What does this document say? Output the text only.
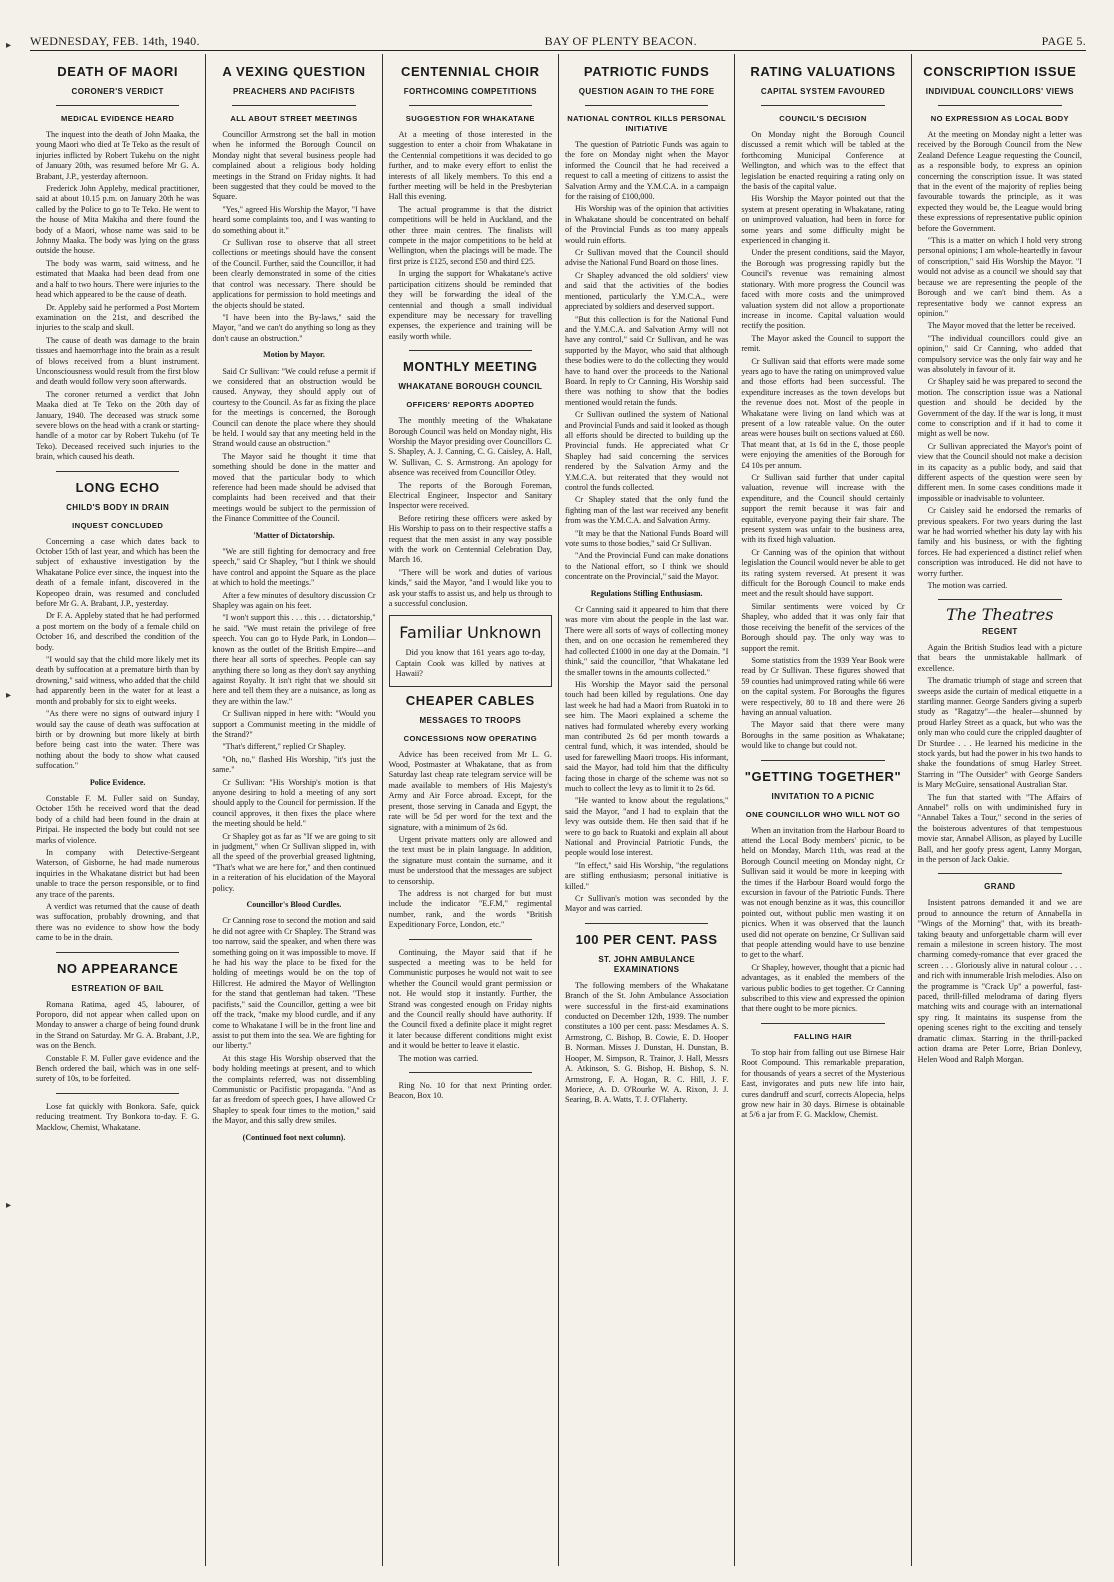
▸
▸
▸
WEDNESDAY, FEB. 14th, 1940.	BAY OF PLENTY BEACON.	PAGE 5.
DEATH OF MAORI
CORONER'S VERDICT
MEDICAL EVIDENCE HEARD

The inquest into the death of John Maaka, the young Maori who died at Te Teko as the result of injuries inflicted by Robert Tukehu on the night of January 20th, was resumed before Mr G. A. Brabant, J.P., yesterday afternoon.

Frederick John Appleby, medical practitioner, said at about 10.15 p.m. on January 20th he was called by the Police to go to Te Teko. He went to the house of Mita Makiha and there found the body of a Maori, whose name was said to be Johnny Maaka. The body was lying on the grass outside the house.

The body was warm, said witness, and he estimated that Maaka had been dead from one and a half to two hours. There were injuries to the head which appeared to be the cause of death.

Dr. Appleby said he performed a Post Mortem examination on the 21st, and described the injuries to the scalp and skull.

The cause of death was damage to the brain tissues and haemorrhage into the brain as a result of blows received from a blunt instrument. Unconsciousness would result from the first blow and death would follow very soon afterwards.

The coroner returned a verdict that John Maaka died at Te Teko on the 20th day of January, 1940. The deceased was struck some severe blows on the head with a crank or starting-handle of a motor car by Robert Tukehu (of Te Teko). Deceased received such injuries to the brain, which caused his death.

LONG ECHO
CHILD'S BODY IN DRAIN
INQUEST CONCLUDED

Concerning a case which dates back to October 15th of last year, and which has been the subject of exhaustive investigation by the Whakatane Police ever since, the inquest into the death of a female infant, discovered in the Kopeopeo drain, was resumed and concluded before Mr G. A. Brabant, J.P., yesterday.

Dr F. A. Appleby stated that he had performed a post mortem on the body of a female child on October 16, and described the condition of the body.

"I would say that the child more likely met its death by suffocation at a premature birth than by drowning," said witness, who added that the child had apparently been in the water for at least a month and probably for six to eight weeks.

"As there were no signs of outward injury I would say the cause of death was suffocation at birth or by drowning but more likely at birth before being cast into the water. There was nothing about the body to show what caused suffocation."

Police Evidence.

Constable F. M. Fuller said on Sunday, October 15th he received word that the dead body of a child had been found in the drain at Piripai. He inspected the body but could not see marks of violence.

In company with Detective-Sergeant Waterson, of Gisborne, he had made numerous inquiries in the Whakatane district but had been unable to trace the person responsible, or to find any trace of the parents.

A verdict was returned that the cause of death was suffocation, probably drowning, and that there was no evidence to show how the body came to be in the drain.

NO APPEARANCE
ESTREATION OF BAIL

Romana Ratima, aged 45, labourer, of Poroporo, did not appear when called upon on Monday to answer a charge of being found drunk in the Strand on Saturday. Mr G. A. Brabant, J.P., was on the Bench.

Constable F. M. Fuller gave evidence and the Bench ordered the bail, which was in one self-surety of 10s, to be forfeited.

Lose fat quickly with Bonkora. Safe, quick reducing treatment. Try Bonkora to-day. F. G. Macklow, Chemist, Whakatane.

A VEXING QUESTION
PREACHERS AND PACIFISTS
ALL ABOUT STREET MEETINGS

Councillor Armstrong set the ball in motion when he informed the Borough Council on Monday night that several business people had complained about a religious body holding meetings in the Strand on Friday nights. It had been suggested that they could be moved to the Square.

"Yes," agreed His Worship the Mayor, "I have heard some complaints too, and I was wanting to do something about it."

Cr Sullivan rose to observe that all street collections or meetings should have the consent of the Council. Further, said the Councillor, it had been clearly demonstrated in some of the cities that control was necessary. There should be applications for permission to hold meetings and the objects should be stated.

"I have been into the By-laws," said the Mayor, "and we can't do anything so long as they don't cause an obstruction."

Motion by Mayor.

Said Cr Sullivan: "We could refuse a permit if we considered that an obstruction would be caused. Anyway, they should apply out of courtesy to the Council. As far as fixing the place for the meetings is concerned, the Borough Council can denote the place where they should be held. I would say that any meeting held in the Strand would cause an obstruction."

The Mayor said he thought it time that something should be done in the matter and moved that the particular body to which reference had been made should be advised that complaints had been received and that their meetings would be subject to the permission of the Finance Committee of the Council.

'Matter of Dictatorship.

"We are still fighting for democracy and free speech," said Cr Shapley, "but I think we should have control and appoint the Square as the place at which to hold the meetings."

After a few minutes of desultory discussion Cr Shapley was again on his feet.

"I won't support this . . . this . . . dictatorship," he said. "We must retain the privilege of free speech. You can go to Hyde Park, in London—known as the outlet of the British Empire—and there hear all sorts of speeches. People can say anything there so long as they don't say anything against Royalty. It isn't right that we should sit here and tell them they are a nuisance, as long as they are within the law."

Cr Sullivan nipped in here with: "Would you support a Communist meeting in the middle of the Strand?"

"That's different," replied Cr Shapley.

"Oh, no," flashed His Worship, "it's just the same."

Cr Sullivan: "His Worship's motion is that anyone desiring to hold a meeting of any sort should apply to the Council for permission. If the council approves, it then fixes the place where the meeting should be held."

Cr Shapley got as far as "If we are going to sit in judgment," when Cr Sullivan slipped in, with all the speed of the proverbial greased lightning, "That's what we are here for," and then continued in a reiteration of his elucidation of the Mayoral policy.

Councillor's Blood Curdles.

Cr Canning rose to second the motion and said he did not agree with Cr Shapley. The Strand was too narrow, said the speaker, and when there was something going on it was impossible to move. If he had his way the place to be fixed for the holding of meetings would be on the top of Hillcrest. He admired the Mayor of Wellington for the stand that gentleman had taken. "These pacifists," said the Councillor, getting a wee bit off the track, "make my blood curdle, and if any come to Whakatane I will be in the front line and assist to put them into the sea. We are fighting for our liberty."

At this stage His Worship observed that the body holding meetings at present, and to which the complaints referred, was not dissembling Communistic or Pacifistic propaganda. "And as far as freedom of speech goes, I have allowed Cr Shapley to speak four times to the motion," said the Mayor, and this sally drew smiles.

(Continued foot next column).
CENTENNIAL CHOIR
FORTHCOMING COMPETITIONS
SUGGESTION FOR WHAKATANE

At a meeting of those interested in the suggestion to enter a choir from Whakatane in the Centennial competitions it was decided to go further, and to make every effort to enlist the interests of all likely members. To this end a further meeting will be held in the Presbyterian Hall this evening.

The actual programme is that the district competitions will be held in Auckland, and the other three main centres. The finalists will compete in the major competitions to be held at Wellington, when the placings will be made. The first prize is £125, second £50 and third £25.

In urging the support for Whakatane's active participation citizens should be reminded that they will be forwarding the ideal of the centennial and though a small individual expenditure may be necessary for travelling expenses, the experience and training will be easily worth while.

MONTHLY MEETING
WHAKATANE BOROUGH COUNCIL
OFFICERS' REPORTS ADOPTED

The monthly meeting of the Whakatane Borough Council was held on Monday night, His Worship the Mayor presiding over Councillors C. S. Shapley, A. J. Canning, C. G. Caisley, A. Hall, W. Sullivan, C. S. Armstrong. An apology for absence was received from Councillor Otley.

The reports of the Borough Foreman, Electrical Engineer, Inspector and Sanitary Inspector were received.

Before retiring these officers were asked by His Worship to pass on to their respective staffs a request that the men assist in any way possible with the work on Centennial Celebration Day, March 16.

"There will be work and duties of various kinds," said the Mayor, "and I would like you to ask your staffs to assist us, and help us through to a successful conclusion.

Familiar Unknown

Did you know that 161 years ago to-day, Captain Cook was killed by natives at Hawaii?

CHEAPER CABLES
MESSAGES TO TROOPS
CONCESSIONS NOW OPERATING

Advice has been received from Mr L. G. Wood, Postmaster at Whakatane, that as from Saturday last cheap rate telegram service will be made available to members of His Majesty's Army and Air Force abroad. Except, for the present, those serving in Canada and Egypt, the rate will be 5d per word for the text and the signature, with a minimum of 2s 6d.

Urgent private matters only are allowed and the text must be in plain language. In addition, the signature must contain the surname, and it must be understood that the messages are subject to censorship.

The address is not charged for but must include the indicator "E.F.M," regimental number, rank, and the words "British Expeditionary Force, London, etc."

Continuing, the Mayor said that if he suspected a meeting was to be held for Communistic purposes he would not wait to see whether the Council would grant permission or not. He would stop it instantly. Further, the Strand was congested enough on Friday nights and the Council really should have authority. If the Council fixed a definite place it might regret it later because different conditions might exist and it would be better to leave it elastic.

The motion was carried.

Ring No. 10 for that next Printing order. Beacon, Box 10.

PATRIOTIC FUNDS
QUESTION AGAIN TO THE FORE
NATIONAL CONTROL KILLS PERSONAL INITIATIVE

The question of Patriotic Funds was again to the fore on Monday night when the Mayor informed the Council that he had received a request to call a meeting of citizens to assist the Salvation Army and the Y.M.C.A. in a campaign for the raising of £100,000.

His Worship was of the opinion that activities in Whakatane should be concentrated on behalf of the Provincial Funds as too many appeals would ruin efforts.

Cr Sullivan moved that the Council should advise the National Fund Board on those lines.

Cr Shapley advanced the old soldiers' view and said that the activities of the bodies mentioned, particularly the Y.M.C.A., were appreciated by soldiers and deserved support.

"But this collection is for the National Fund and the Y.M.C.A. and Salvation Army will not have any control," said Cr Sullivan, and he was supported by the Mayor, who said that although these bodies were to do the collecting they would have to hand over the proceeds to the National Board. In reply to Cr Canning, His Worship said there was nothing to show that the bodies mentioned would retain the funds.

Cr Sullivan outlined the system of National and Provincial Funds and said it looked as though all efforts should be directed to building up the Provincial funds. He appreciated what Cr Shapley had said concerning the services rendered by the Salvation Army and the Y.M.C.A. but reiterated that they would not control the funds collected.

Cr Shapley stated that the only fund the fighting man of the last war received any benefit from was the Y.M.C.A. and Salvation Army.

"It may be that the National Funds Board will vote sums to those bodies," said Cr Sullivan.

"And the Provincial Fund can make donations to the National effort, so I think we should concentrate on the Provincial," said the Mayor.

Regulations Stifling Enthusiasm.

Cr Canning said it appeared to him that there was more vim about the people in the last war. There were all sorts of ways of collecting money then, and on one occasion he remembered they had collected £1000 in one day at the Domain. "I think," said the councillor, "that Whakatane led the smaller towns in the amounts collected."

His Worship the Mayor said the personal touch had been killed by regulations. One day last week he had had a Maori from Ruatoki in to see him. The Maori explained a scheme the natives had formulated whereby every working man contributed 2s 6d per month towards a central fund, which, it was intended, should be used for farewelling Maori troops. His informant, said the Mayor, had told him that the difficulty facing those in charge of the scheme was not so much to collect the levy as to limit it to 2s 6d.

"He wanted to know about the regulations," said the Mayor, "and I had to explain that the levy was outside them. He then said that if he were to go back to Ruatoki and explain all about National and Provincial Patriotic Funds, the people would lose interest.

"In effect," said His Worship, "the regulations are stifling enthusiasm; personal initiative is killed."

Cr Sullivan's motion was seconded by the Mayor and was carried.

100 PER CENT. PASS
ST. JOHN AMBULANCE EXAMINATIONS

The following members of the Whakatane Branch of the St. John Ambulance Association were successful in the first-aid examinations conducted on December 12th, 1939. The number constitutes a 100 per cent. pass: Mesdames A. S. Armstrong, C. Bishop, B. Cowie, E. D. Hooper B. Norman. Misses J. Dunstan, H. Dunstan, B. Hooper, M. Simpson, R. Trainor, J. Hall, Messrs A. Atkinson, S. G. Bishop, H. Bishop, S. N. Armstrong, F. A. Hogan, R. C. Hill, J. F. Moriece, A. D. O'Rourke W. A. Rixon, J. J. Searing, B. A. Watts, T. J. O'Flaherty.

RATING VALUATIONS
CAPITAL SYSTEM FAVOURED
COUNCIL'S DECISION

On Monday night the Borough Council discussed a remit which will be tabled at the forthcoming Municipal Conference at Wellington, and which was to the effect that legislation be enacted requiring a rating only on the basis of the capital value.

His Worship the Mayor pointed out that the system at present operating in Whakatane, rating on unimproved valuation, had been in force for some years and some difficulty might be experienced in changing it.

Under the present conditions, said the Mayor, the Borough was progressing rapidly but the Council's revenue was remaining almost stationary. With more progress the Council was faced with more costs and the unimproved valuation system did not allow a proportionate increase in income. Capital valuation would rectify the position.

The Mayor asked the Council to support the remit.

Cr Sullivan said that efforts were made some years ago to have the rating on unimproved value and those efforts had been successful. The expenditure increases as the town develops but the revenue does not. Most of the people in Whakatane were living on land which was at present of a low rateable value. On the outer areas were houses built on sections valued at £60. That meant that, at 1s 6d in the £, those people were enjoying the amenities of the Borough for £4 10s per annum.

Cr Sullivan said further that under capital valuation, revenue will increase with the expenditure, and the Council should certainly support the remit because it was fair and equitable, everyone paying their fair share. The present system was unfair to the business area, with its fixed high valuation.

Cr Canning was of the opinion that without legislation the Council would never be able to get its rating system reversed. At present it was difficult for the Borough Council to make ends meet and the result should have support.

Similar sentiments were voiced by Cr Shapley, who added that it was only fair that those receiving the benefit of the services of the Borough should pay. The only way was to support the remit.

Some statistics from the 1939 Year Book were read by Cr Sullivan. These figures showed that 59 counties had unimproved rating while 66 were on the capital system. For Boroughs the figures were respectively, 80 to 18 and there were 26 having an annual valuation.

The Mayor said that there were many Boroughs in the same position as Whakatane; would like to change but could not.

"GETTING TOGETHER"
INVITATION TO A PICNIC
ONE COUNCILLOR WHO WILL NOT GO

When an invitation from the Harbour Board to attend the Local Body members' picnic, to be held on Monday, March 11th, was read at the Borough Council meeting on Monday night, Cr Sullivan said it would be more in keeping with the times if the Harbour Board would forgo the excursion in favour of the Patriotic Funds. There was not enough benzine as it was, this councillor pointed out, without public men wasting it on picnics. When it was observed that the launch used did not operate on benzine, Cr Sullivan said that people attending would have to use benzine to get to the wharf.

Cr Shapley, however, thought that a picnic had advantages, as it enabled the members of the various public bodies to get together. Cr Canning subscribed to this view and expressed the opinion that there ought to be more picnics.

FALLING HAIR

To stop hair from falling out use Birnese Hair Root Compound. This remarkable preparation, for thousands of years a secret of the Mysterious East, invigorates and puts new life into hair, cures dandruff and scurf, corrects Alopecia, helps grow new hair in 30 days. Birnese is obtainable at 5/6 a jar from F. G. Macklow, Chemist.

CONSCRIPTION ISSUE
INDIVIDUAL COUNCILLORS' VIEWS
NO EXPRESSION AS LOCAL BODY

At the meeting on Monday night a letter was received by the Borough Council from the New Zealand Defence League requesting the Council, as a responsible body, to express an opinion concerning the conscription issue. It was stated that in the event of the majority of replies being favourable towards the principle, as it was expected they would be, the League would bring these expressions of representative public opinion before the Government.

"This is a matter on which I hold very strong personal opinions; I am whole-heartedly in favour of conscription," said His Worship the Mayor. "I would not advise as a council we should say that because we are representing the people of the Borough and we can't bind them. As a representative body we cannot express an opinion."

The Mayor moved that the letter be received.

"The individual councillors could give an opinion," said Cr Canning, who added that compulsory service was the only fair way and he was absolutely in favour of it.

Cr Shapley said he was prepared to second the motion. The conscription issue was a National question and should be decided by the Government of the day. If the war is long, it must come to conscription and if it had to come it might as well be now.

Cr Sullivan appreciated the Mayor's point of view that the Council should not make a decision in its capacity as a public body, and said that different aspects of the question were seen by different men. In some cases conditions made it impossible or inadvisable to volunteer.

Cr Caisley said he endorsed the remarks of previous speakers. For two years during the last war he had worried whether his duty lay with his family and his business, or with the fighting forces. He had experienced a distinct relief when conscription was introduced. He did not have to worry further.

The motion was carried.

The Theatres
REGENT

Again the British Studios lead with a picture that bears the unmistakable hallmark of excellence.

The dramatic triumph of stage and screen that sweeps aside the curtain of medical etiquette in a startling manner. George Sanders giving a superb study as "Ragatzy"—the healer—shunned by proud Harley Street as a quack, but who was the only man who could cure the crippled daughter of Dr Sturdee . . . He learned his medicine in the stock yards, but had the power in his two hands to shake the foundations of smug Harley Street. Starring in "The Outsider" with George Sanders is Mary McGuire, sensational Australian Star.

The fun that started with "The Affairs of Annabel" rolls on with undiminished fury in "Annabel Takes a Tour," second in the series of the boisterous adventures of that tempestuous movie star, Annabel Allison, as played by Lucille Ball, and her goofy press agent, Lanny Morgan, in the person of Jack Oakie.

GRAND

Insistent patrons demanded it and we are proud to announce the return of Annabella in "Wings of the Morning" that, with its breath-taking beauty and unforgettable charm will ever remain a milestone in screen history. The most charming comedy-romance that ever graced the screen . . . Gloriously alive in natural colour . . . and rich with innumerable Irish melodies. Also on the programme is "Crack Up" a powerful, fast-paced, thrill-filled melodrama of daring flyers matching wits and courage with an international spy ring. It maintains its suspense from the opening scenes right to the exciting and tensely dramatic climax. Starring in the thrill-packed action drama are Peter Lorre, Brian Donlevy, Helen Wood and Ralph Morgan.
